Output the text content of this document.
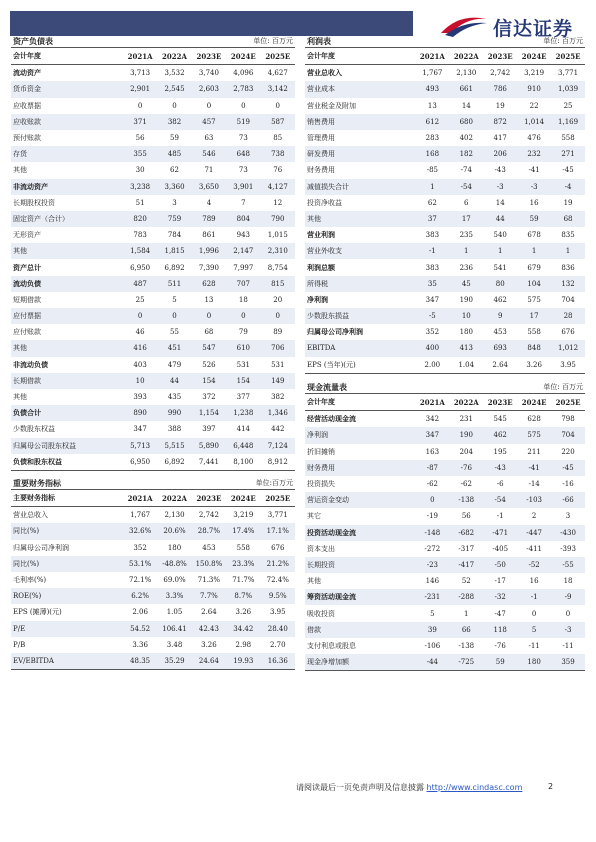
信达证券
资产负债表	单位: 百万元
会计年度	2021A	2022A	2023E	2024E	2025E
流动资产	3,713	3,532	3,740	4,096	4,627
货币资金	2,901	2,545	2,603	2,783	3,142
应收票据	0	0	0	0	0
应收账款	371	382	457	519	587
预付账款	56	59	63	73	85
存货	355	485	546	648	738
其他	30	62	71	73	76
非流动资产	3,238	3,360	3,650	3,901	4,127
长期股权投资	51	3	4	7	12
固定资产（合计）	820	759	789	804	790
无形资产	783	784	861	943	1,015
其他	1,584	1,815	1,996	2,147	2,310
资产总计	6,950	6,892	7,390	7,997	8,754
流动负债	487	511	628	707	815
短期借款	25	5	13	18	20
应付票据	0	0	0	0	0
应付账款	46	55	68	79	89
其他	416	451	547	610	706
非流动负债	403	479	526	531	531
长期借款	10	44	154	154	149
其他	393	435	372	377	382
负债合计	890	990	1,154	1,238	1,346
少数股东权益	347	388	397	414	442
归属母公司股东权益	5,713	5,515	5,890	6,448	7,124
负债和股东权益	6,950	6,892	7,441	8,100	8,912
利润表	单位: 百万元
会计年度	2021A	2022A	2023E	2024E	2025E
营业总收入	1,767	2,130	2,742	3,219	3,771
营业成本	493	661	786	910	1,039
营业税金及附加	13	14	19	22	25
销售费用	612	680	872	1,014	1,169
管理费用	283	402	417	476	558
研发费用	168	182	206	232	271
财务费用	-85	-74	-43	-41	-45
减值损失合计	1	-54	-3	-3	-4
投资净收益	62	6	14	16	19
其他	37	17	44	59	68
营业利润	383	235	540	678	835
营业外收支	-1	1	1	1	1
利润总额	383	236	541	679	836
所得税	35	45	80	104	132
净利润	347	190	462	575	704
少数股东损益	-5	10	9	17	28
归属母公司净利润	352	180	453	558	676
EBITDA	400	413	693	848	1,012
EPS (当年)(元)	2.00	1.04	2.64	3.26	3.95
重要财务指标	单位:百万元
主要财务指标	2021A	2022A	2023E	2024E	2025E
营业总收入	1,767	2,130	2,742	3,219	3,771
同比(%)	32.6%	20.6%	28.7%	17.4%	17.1%
归属母公司净利润	352	180	453	558	676
同比(%)	53.1%	-48.8%	150.8%	23.3%	21.2%
毛利率(%)	72.1%	69.0%	71.3%	71.7%	72.4%
ROE(%)	6.2%	3.3%	7.7%	8.7%	9.5%
EPS (摊薄)(元)	2.06	1.05	2.64	3.26	3.95
P/E	54.52	106.41	42.43	34.42	28.40
P/B	3.36	3.48	3.26	2.98	2.70
EV/EBITDA	48.35	35.29	24.64	19.93	16.36
现金流量表	单位: 百万元
会计年度	2021A	2022A	2023E	2024E	2025E
经营活动现金流	342	231	545	628	798
净利润	347	190	462	575	704
折旧摊销	163	204	195	211	220
财务费用	-87	-76	-43	-41	-45
投资损失	-62	-62	-6	-14	-16
营运资金变动	0	-138	-54	-103	-66
其它	-19	56	-1	2	3
投资活动现金流	-148	-682	-471	-447	-430
资本支出	-272	-317	-405	-411	-393
长期投资	-23	-417	-50	-52	-55
其他	146	52	-17	16	18
筹资活动现金流	-231	-288	-32	-1	-9
吸收投资	5	1	-47	0	0
借款	39	66	118	5	-3
支付利息或股息	-106	-138	-76	-11	-11
现金净增加额	-44	-725	59	180	359
请阅读最后一页免责声明及信息披露 http://www.cindasc.com	2
